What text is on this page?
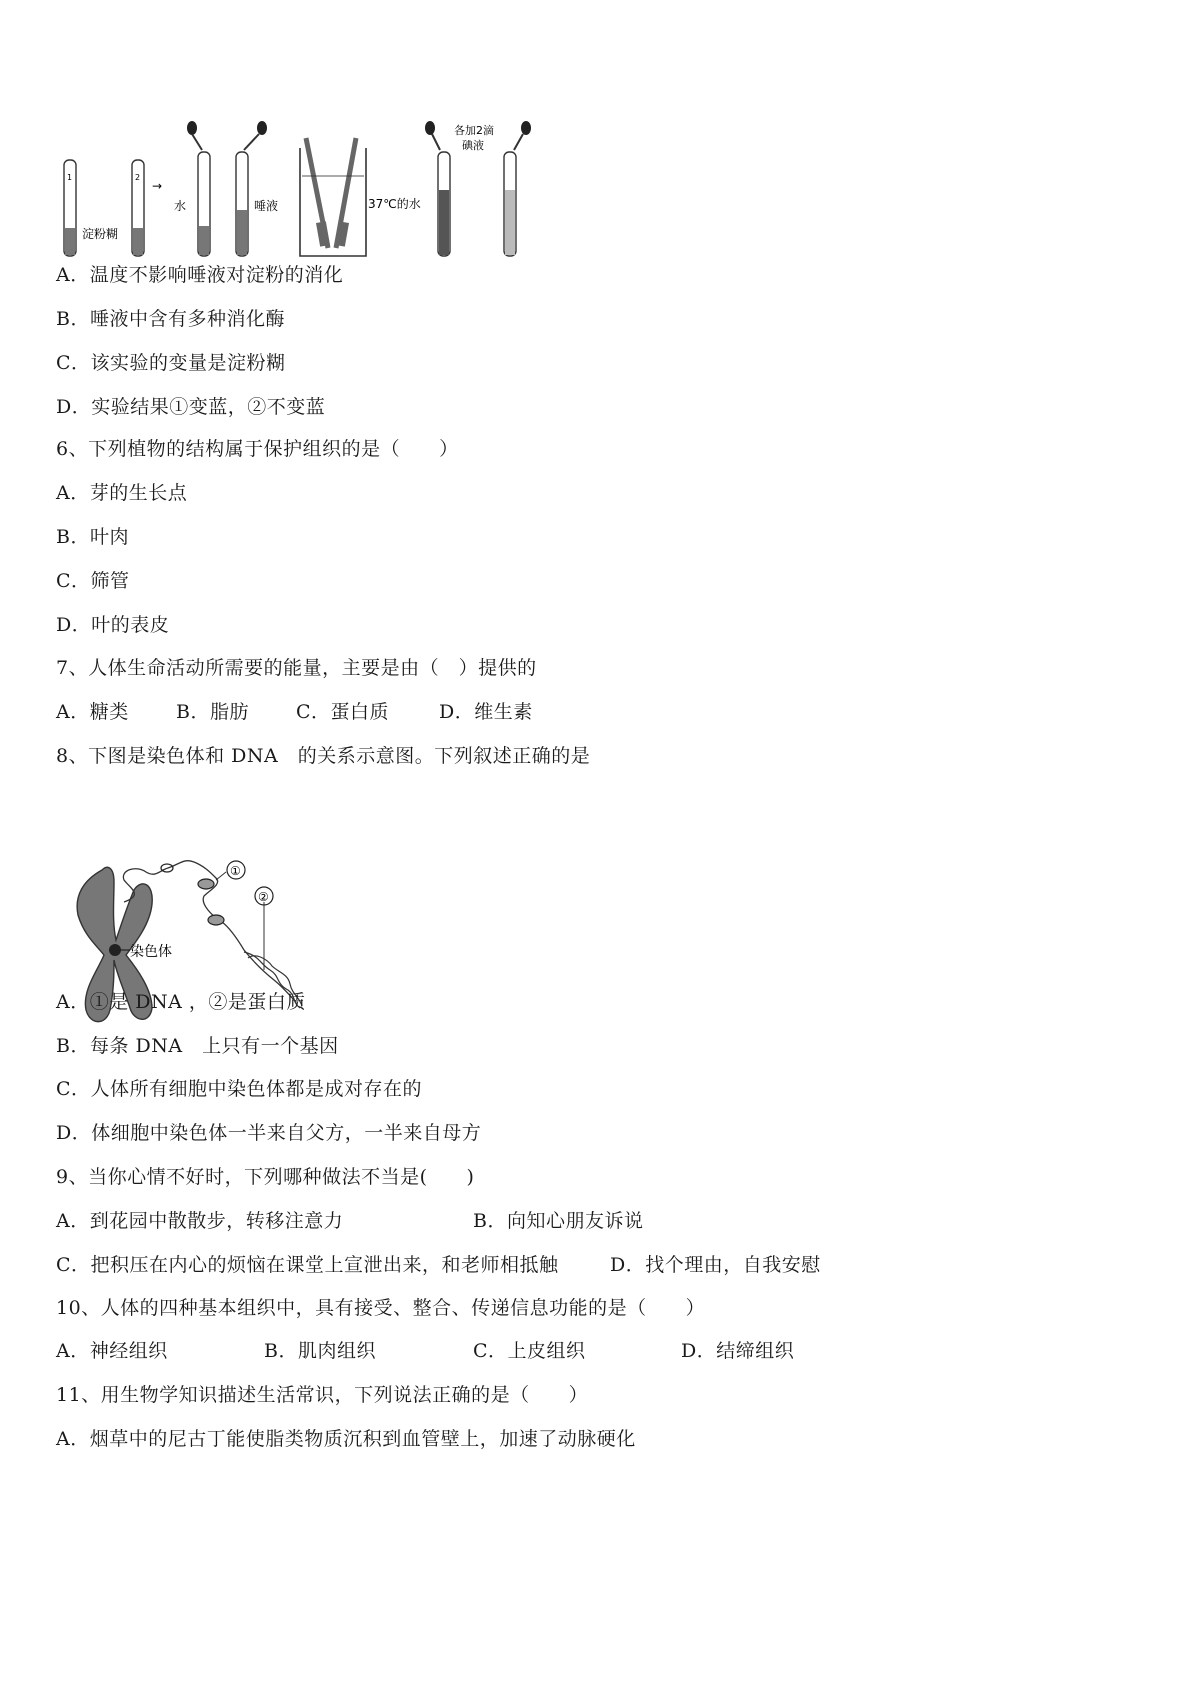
1
淀粉糊
2
→
水	唾液	37℃的水
各加2滴
碘液
A．温度不影响唾液对淀粉的消化
B．唾液中含有多种消化酶
C．该实验的变量是淀粉糊
D．实验结果①变蓝，②不变蓝
6、下列植物的结构属于保护组织的是（　　）
A．芽的生长点
B．叶肉
C．筛管
D．叶的表皮
7、人体生命活动所需要的能量，主要是由（　）提供的
A．糖类 B．脂肪 C．蛋白质	D．维生素
8、下图是染色体和 DNA　的关系示意图。下列叙述正确的是
染色体
①
②
A．①是 DNA ，②是蛋白质
B．每条 DNA　上只有一个基因
C．人体所有细胞中染色体都是成对存在的
D．体细胞中染色体一半来自父方，一半来自母方
9、当你心情不好时，下列哪种做法不当是(　　)
A．到花园中散散步，转移注意力	B．向知心朋友诉说
C．把积压在内心的烦恼在课堂上宣泄出来，和老师相抵触	D．找个理由，自我安慰
10、人体的四种基本组织中，具有接受、整合、传递信息功能的是（　　）
A．神经组织	B．肌肉组织	C．上皮组织	D．结缔组织
11、用生物学知识描述生活常识，下列说法正确的是（　　）
A．烟草中的尼古丁能使脂类物质沉积到血管壁上，加速了动脉硬化
